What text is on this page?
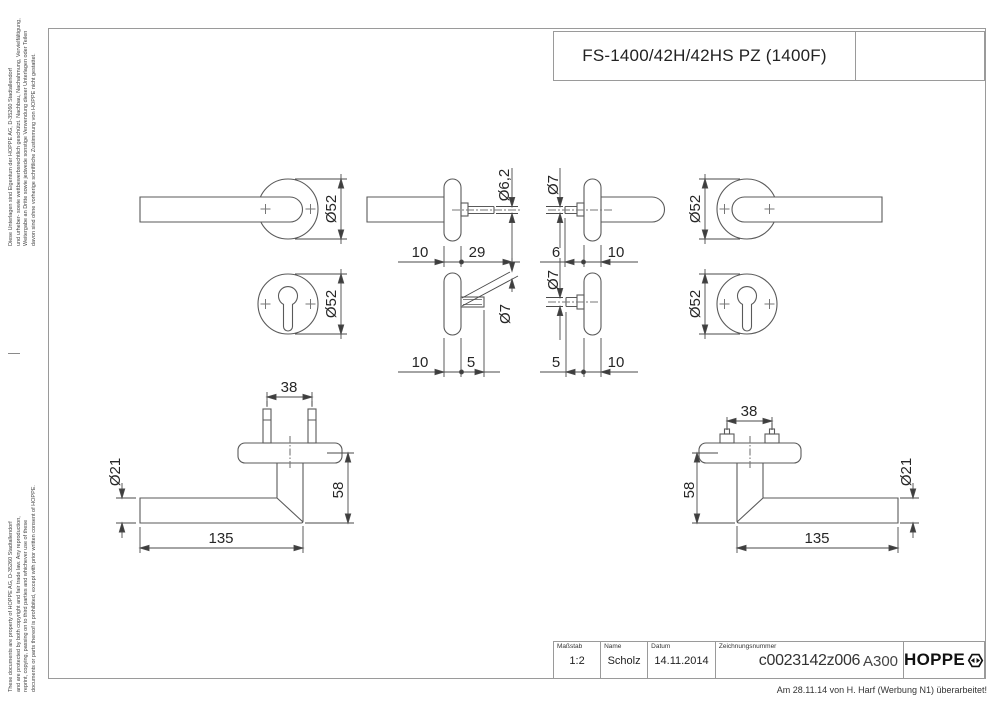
Diese Unterlagen sind Eigentum der HOPPE AG, D-35260 Stadtallendorf und urheber- sowie wettbewerbsrechtlich geschützt. Nachbau, Nachahmung, Vervielfältigung, Weitergabe an Dritte sowie jedwede sonstige Verwendung dieser Unterlagen oder Teilen davon sind ohne vorherige schriftliche Zustimmung von HOPPE nicht gestattet.
These documents are property of HOPPE AG, D-35260 Stadtallendorf and are protected by both copyright and fair trade law. Any reproduction, reprint, copying, passing on to third parties and whichever use of these documents or parts thereof is prohibited, except with prior written consent of HOPPE.
FS-1400/42H/42HS PZ (1400F)
Ø52
Ø52
Ø52
Ø52
Ø6,2
Ø7
Ø7
Ø7
10	29
10	5
6	10
5	10
38
Ø21
58
135
38
58
Ø21
135
Maßstab
1:2
Name
Scholz
Datum
14.11.2014
Zeichnungsnummer
c0023142z006 A300 HOPPE
Am 28.11.14 von H. Harf (Werbung N1) überarbeitet!
